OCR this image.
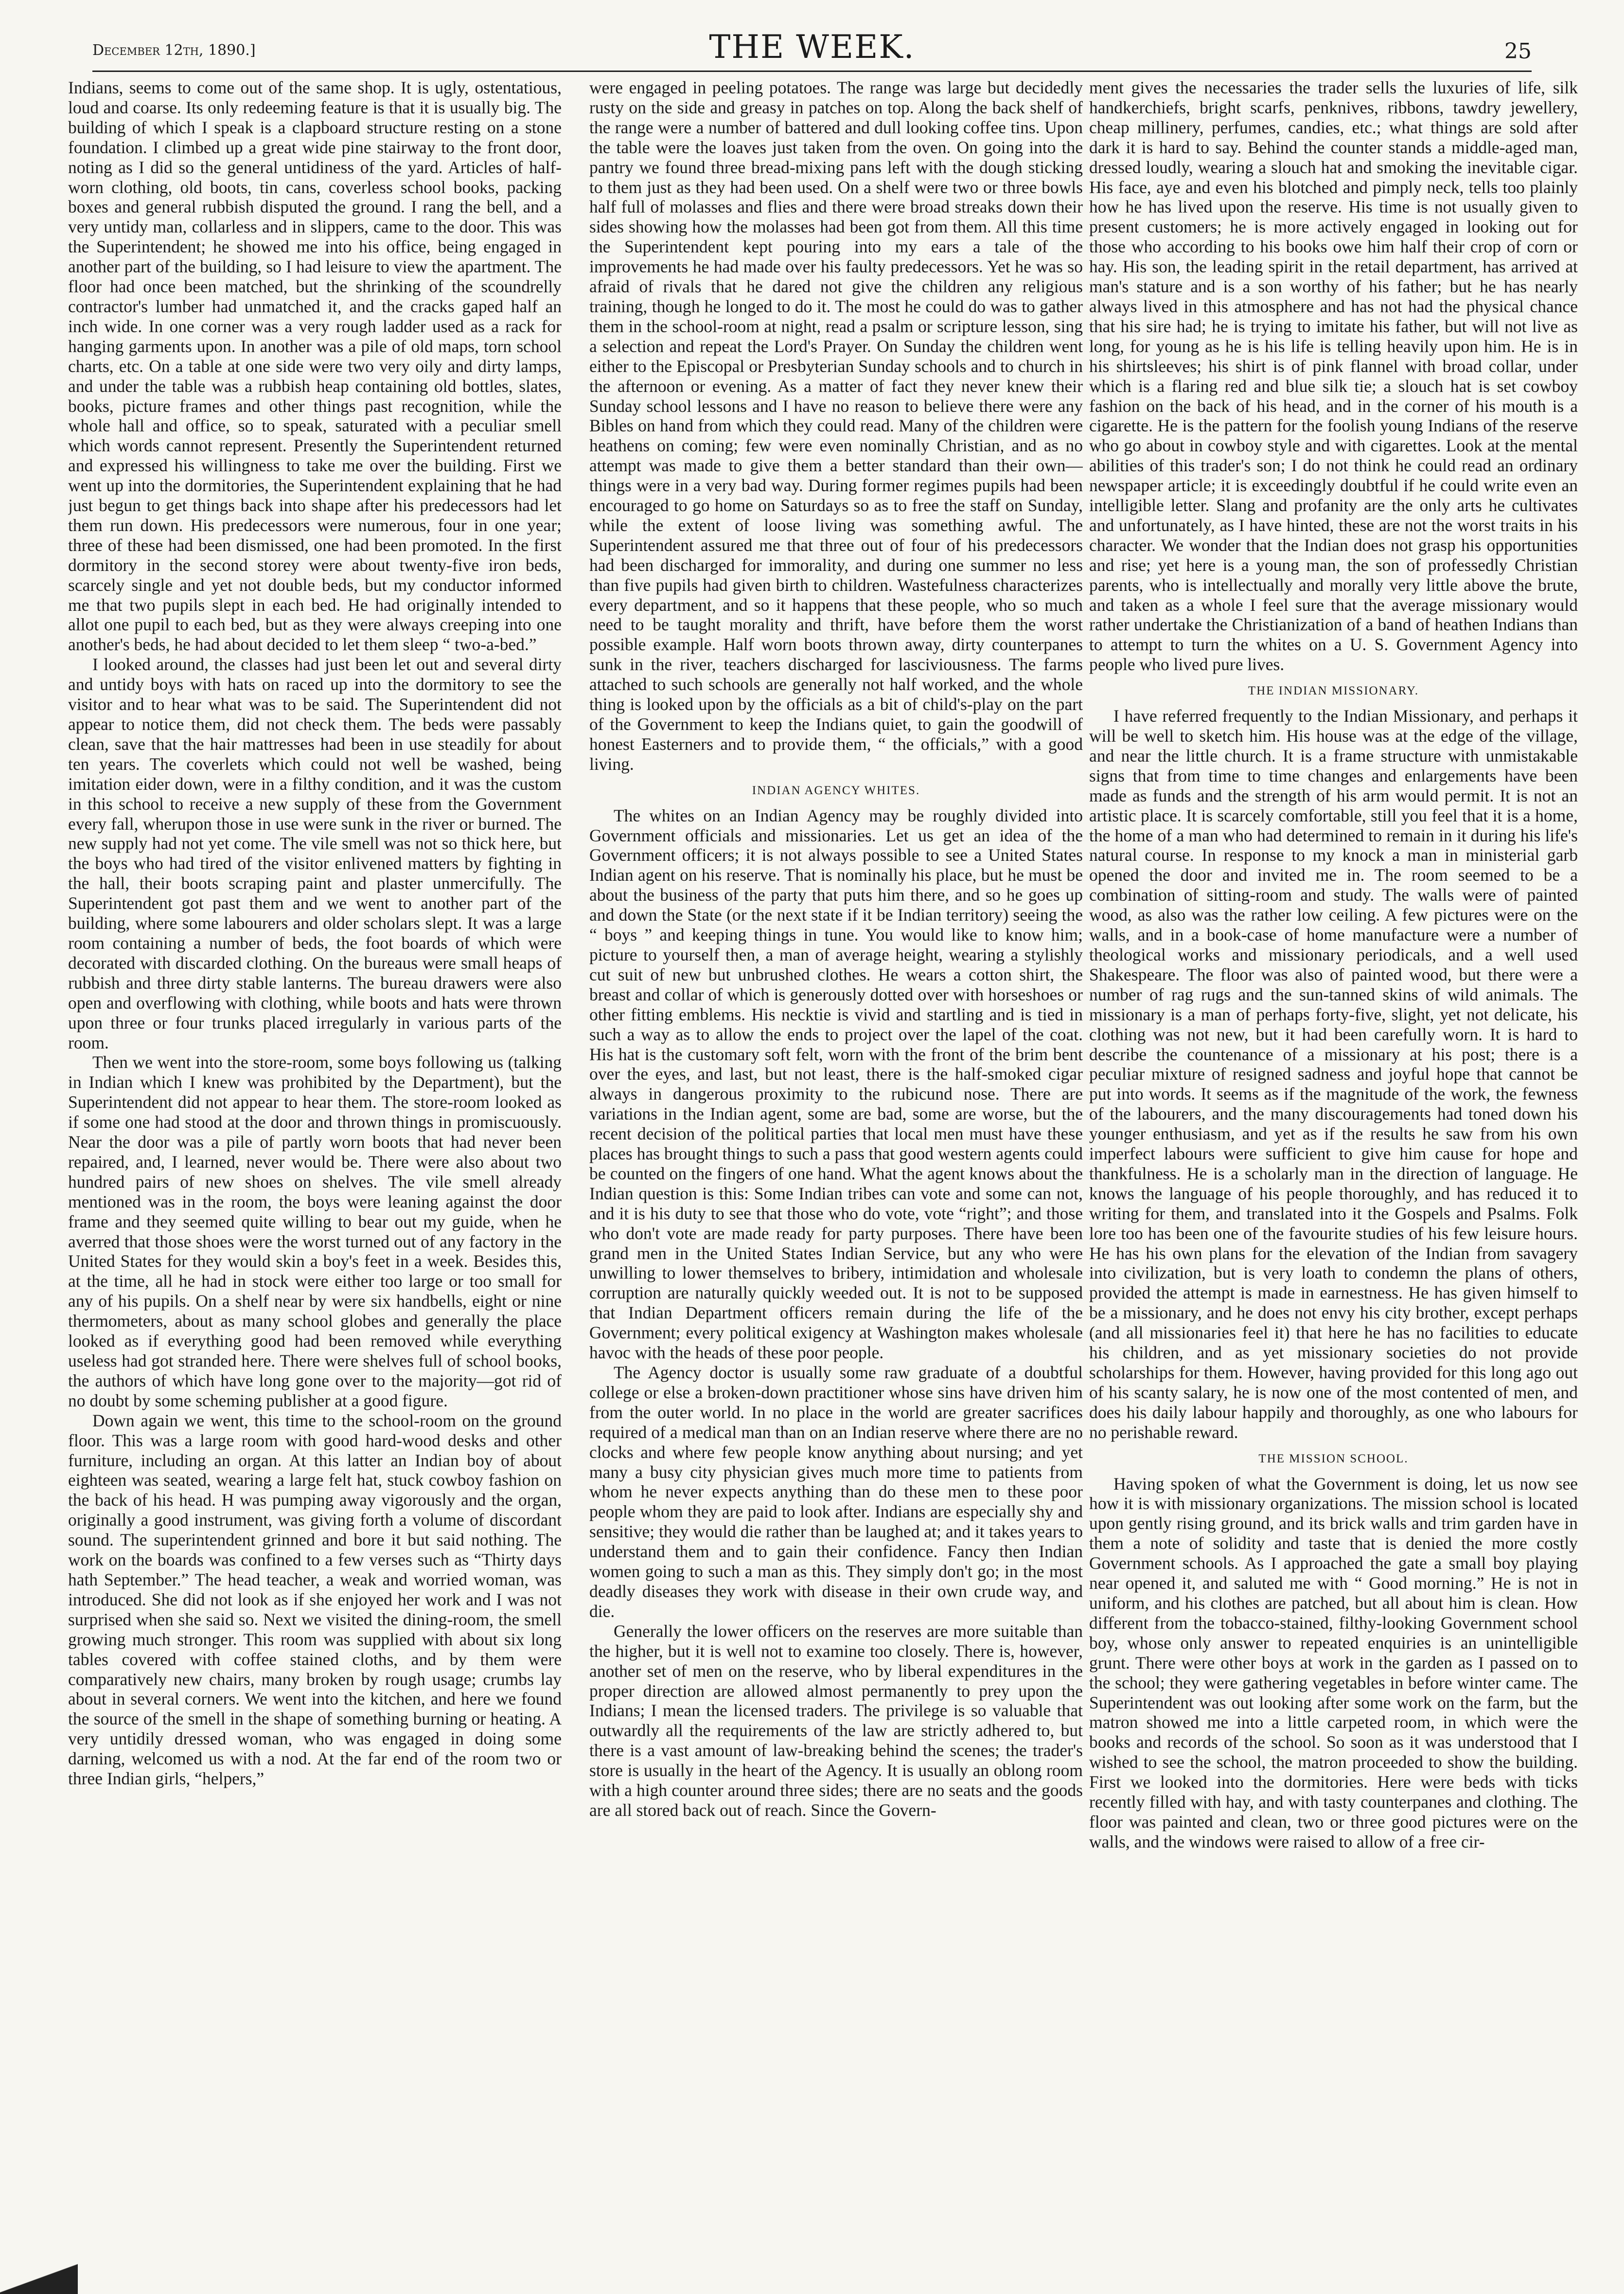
December 12th, 1890.]	THE WEEK.	25

Indians, seems to come out of the same shop. It is ugly, ostentatious, loud and coarse. Its only redeeming feature is that it is usually big. The building of which I speak is a clapboard structure resting on a stone foundation. I climbed up a great wide pine stairway to the front door, noting as I did so the general untidiness of the yard. Articles of half-worn clothing, old boots, tin cans, coverless school books, packing boxes and general rubbish disputed the ground. I rang the bell, and a very untidy man, collarless and in slippers, came to the door. This was the Superintendent; he showed me into his office, being engaged in another part of the building, so I had leisure to view the apartment. The floor had once been matched, but the shrinking of the scoundrelly contractor's lumber had unmatched it, and the cracks gaped half an inch wide. In one corner was a very rough ladder used as a rack for hanging garments upon. In another was a pile of old maps, torn school charts, etc. On a table at one side were two very oily and dirty lamps, and under the table was a rubbish heap containing old bottles, slates, books, picture frames and other things past recognition, while the whole hall and office, so to speak, saturated with a peculiar smell which words cannot represent. Presently the Superintendent returned and expressed his willingness to take me over the building. First we went up into the dormitories, the Superintendent explaining that he had just begun to get things back into shape after his predecessors had let them run down. His predecessors were numerous, four in one year; three of these had been dismissed, one had been promoted. In the first dormitory in the second storey were about twenty-five iron beds, scarcely single and yet not double beds, but my conductor informed me that two pupils slept in each bed. He had originally intended to allot one pupil to each bed, but as they were always creeping into one another's beds, he had about decided to let them sleep “ two-a-bed.”

I looked around, the classes had just been let out and several dirty and untidy boys with hats on raced up into the dormitory to see the visitor and to hear what was to be said. The Superintendent did not appear to notice them, did not check them. The beds were passably clean, save that the hair mattresses had been in use steadily for about ten years. The coverlets which could not well be washed, being imitation eider down, were in a filthy condition, and it was the custom in this school to receive a new supply of these from the Government every fall, wherupon those in use were sunk in the river or burned. The new supply had not yet come. The vile smell was not so thick here, but the boys who had tired of the visitor enlivened matters by fighting in the hall, their boots scraping paint and plaster unmercifully. The Superintendent got past them and we went to another part of the building, where some labourers and older scholars slept. It was a large room containing a number of beds, the foot boards of which were decorated with discarded clothing. On the bureaus were small heaps of rubbish and three dirty stable lanterns. The bureau drawers were also open and overflowing with clothing, while boots and hats were thrown upon three or four trunks placed irregularly in various parts of the room.

Then we went into the store-room, some boys following us (talking in Indian which I knew was prohibited by the Department), but the Superintendent did not appear to hear them. The store-room looked as if some one had stood at the door and thrown things in promiscuously. Near the door was a pile of partly worn boots that had never been repaired, and, I learned, never would be. There were also about two hundred pairs of new shoes on shelves. The vile smell already mentioned was in the room, the boys were leaning against the door frame and they seemed quite willing to bear out my guide, when he averred that those shoes were the worst turned out of any factory in the United States for they would skin a boy's feet in a week. Besides this, at the time, all he had in stock were either too large or too small for any of his pupils. On a shelf near by were six handbells, eight or nine thermometers, about as many school globes and generally the place looked as if everything good had been removed while everything useless had got stranded here. There were shelves full of school books, the authors of which have long gone over to the majority—got rid of no doubt by some scheming publisher at a good figure.

Down again we went, this time to the school-room on the ground floor. This was a large room with good hard-wood desks and other furniture, including an organ. At this latter an Indian boy of about eighteen was seated, wearing a large felt hat, stuck cowboy fashion on the back of his head. H was pumping away vigorously and the organ, originally a good instrument, was giving forth a volume of discordant sound. The superintendent grinned and bore it but said nothing. The work on the boards was confined to a few verses such as “Thirty days hath September.” The head teacher, a weak and worried woman, was introduced. She did not look as if she enjoyed her work and I was not surprised when she said so. Next we visited the dining-room, the smell growing much stronger. This room was supplied with about six long tables covered with coffee stained cloths, and by them were comparatively new chairs, many broken by rough usage; crumbs lay about in several corners. We went into the kitchen, and here we found the source of the smell in the shape of something burning or heating. A very untidily dressed woman, who was engaged in doing some darning, welcomed us with a nod. At the far end of the room two or three Indian girls, “helpers,”

were engaged in peeling potatoes. The range was large but decidedly rusty on the side and greasy in patches on top. Along the back shelf of the range were a number of battered and dull looking coffee tins. Upon the table were the loaves just taken from the oven. On going into the pantry we found three bread-mixing pans left with the dough sticking to them just as they had been used. On a shelf were two or three bowls half full of molasses and flies and there were broad streaks down their sides showing how the molasses had been got from them. All this time the Superintendent kept pouring into my ears a tale of the improvements he had made over his faulty predecessors. Yet he was so afraid of rivals that he dared not give the children any religious training, though he longed to do it. The most he could do was to gather them in the school-room at night, read a psalm or scripture lesson, sing a selection and repeat the Lord's Prayer. On Sunday the children went either to the Episcopal or Presbyterian Sunday schools and to church in the afternoon or evening. As a matter of fact they never knew their Sunday school lessons and I have no reason to believe there were any Bibles on hand from which they could read. Many of the children were heathens on coming; few were even nominally Christian, and as no attempt was made to give them a better standard than their own—things were in a very bad way. During former regimes pupils had been encouraged to go home on Saturdays so as to free the staff on Sunday, while the extent of loose living was something awful. The Superintendent assured me that three out of four of his predecessors had been discharged for immorality, and during one summer no less than five pupils had given birth to children. Wastefulness characterizes every department, and so it happens that these people, who so much need to be taught morality and thrift, have before them the worst possible example. Half worn boots thrown away, dirty counterpanes sunk in the river, teachers discharged for lasciviousness. The farms attached to such schools are generally not half worked, and the whole thing is looked upon by the officials as a bit of child's-play on the part of the Government to keep the Indians quiet, to gain the goodwill of honest Easterners and to provide them, “ the officials,” with a good living.

INDIAN AGENCY WHITES.

The whites on an Indian Agency may be roughly divided into Government officials and missionaries. Let us get an idea of the Government officers; it is not always possible to see a United States Indian agent on his reserve. That is nominally his place, but he must be about the business of the party that puts him there, and so he goes up and down the State (or the next state if it be Indian territory) seeing the “ boys ” and keeping things in tune. You would like to know him; picture to yourself then, a man of average height, wearing a stylishly cut suit of new but unbrushed clothes. He wears a cotton shirt, the breast and collar of which is generously dotted over with horseshoes or other fitting emblems. His necktie is vivid and startling and is tied in such a way as to allow the ends to project over the lapel of the coat. His hat is the customary soft felt, worn with the front of the brim bent over the eyes, and last, but not least, there is the half-smoked cigar always in dangerous proximity to the rubicund nose. There are variations in the Indian agent, some are bad, some are worse, but the recent decision of the political parties that local men must have these places has brought things to such a pass that good western agents could be counted on the fingers of one hand. What the agent knows about the Indian question is this: Some Indian tribes can vote and some can not, and it is his duty to see that those who do vote, vote “right”; and those who don't vote are made ready for party purposes. There have been grand men in the United States Indian Service, but any who were unwilling to lower themselves to bribery, intimidation and wholesale corruption are naturally quickly weeded out. It is not to be supposed that Indian Department officers remain during the life of the Government; every political exigency at Washington makes wholesale havoc with the heads of these poor people.

The Agency doctor is usually some raw graduate of a doubtful college or else a broken-down practitioner whose sins have driven him from the outer world. In no place in the world are greater sacrifices required of a medical man than on an Indian reserve where there are no clocks and where few people know anything about nursing; and yet many a busy city physician gives much more time to patients from whom he never expects anything than do these men to these poor people whom they are paid to look after. Indians are especially shy and sensitive; they would die rather than be laughed at; and it takes years to understand them and to gain their confidence. Fancy then Indian women going to such a man as this. They simply don't go; in the most deadly diseases they work with disease in their own crude way, and die.

Generally the lower officers on the reserves are more suitable than the higher, but it is well not to examine too closely. There is, however, another set of men on the reserve, who by liberal expenditures in the proper direction are allowed almost permanently to prey upon the Indians; I mean the licensed traders. The privilege is so valuable that outwardly all the requirements of the law are strictly adhered to, but there is a vast amount of law-breaking behind the scenes; the trader's store is usually in the heart of the Agency. It is usually an oblong room with a high counter around three sides; there are no seats and the goods are all stored back out of reach. Since the Govern-

ment gives the necessaries the trader sells the luxuries of life, silk handkerchiefs, bright scarfs, penknives, ribbons, tawdry jewellery, cheap millinery, perfumes, candies, etc.; what things are sold after dark it is hard to say. Behind the counter stands a middle-aged man, dressed loudly, wearing a slouch hat and smoking the inevitable cigar. His face, aye and even his blotched and pimply neck, tells too plainly how he has lived upon the reserve. His time is not usually given to present customers; he is more actively engaged in looking out for those who according to his books owe him half their crop of corn or hay. His son, the leading spirit in the retail department, has arrived at man's stature and is a son worthy of his father; but he has nearly always lived in this atmosphere and has not had the physical chance that his sire had; he is trying to imitate his father, but will not live as long, for young as he is his life is telling heavily upon him. He is in his shirtsleeves; his shirt is of pink flannel with broad collar, under which is a flaring red and blue silk tie; a slouch hat is set cowboy fashion on the back of his head, and in the corner of his mouth is a cigarette. He is the pattern for the foolish young Indians of the reserve who go about in cowboy style and with cigarettes. Look at the mental abilities of this trader's son; I do not think he could read an ordinary newspaper article; it is exceedingly doubtful if he could write even an intelligible letter. Slang and profanity are the only arts he cultivates and unfortunately, as I have hinted, these are not the worst traits in his character. We wonder that the Indian does not grasp his opportunities and rise; yet here is a young man, the son of professedly Christian parents, who is intellectually and morally very little above the brute, and taken as a whole I feel sure that the average missionary would rather undertake the Christianization of a band of heathen Indians than to attempt to turn the whites on a U. S. Government Agency into people who lived pure lives.

THE INDIAN MISSIONARY.

I have referred frequently to the Indian Missionary, and perhaps it will be well to sketch him. His house was at the edge of the village, and near the little church. It is a frame structure with unmistakable signs that from time to time changes and enlargements have been made as funds and the strength of his arm would permit. It is not an artistic place. It is scarcely comfortable, still you feel that it is a home, the home of a man who had determined to remain in it during his life's natural course. In response to my knock a man in ministerial garb opened the door and invited me in. The room seemed to be a combination of sitting-room and study. The walls were of painted wood, as also was the rather low ceiling. A few pictures were on the walls, and in a book-case of home manufacture were a number of theological works and missionary periodicals, and a well used Shakespeare. The floor was also of painted wood, but there were a number of rag rugs and the sun-tanned skins of wild animals. The missionary is a man of perhaps forty-five, slight, yet not delicate, his clothing was not new, but it had been carefully worn. It is hard to describe the countenance of a missionary at his post; there is a peculiar mixture of resigned sadness and joyful hope that cannot be put into words. It seems as if the magnitude of the work, the fewness of the labourers, and the many discouragements had toned down his younger enthusiasm, and yet as if the results he saw from his own imperfect labours were sufficient to give him cause for hope and thankfulness. He is a scholarly man in the direction of language. He knows the language of his people thoroughly, and has reduced it to writing for them, and translated into it the Gospels and Psalms. Folk lore too has been one of the favourite studies of his few leisure hours. He has his own plans for the elevation of the Indian from savagery into civilization, but is very loath to condemn the plans of others, provided the attempt is made in earnestness. He has given himself to be a missionary, and he does not envy his city brother, except perhaps (and all missionaries feel it) that here he has no facilities to educate his children, and as yet missionary societies do not provide scholarships for them. However, having provided for this long ago out of his scanty salary, he is now one of the most contented of men, and does his daily labour happily and thoroughly, as one who labours for no perishable reward.

THE MISSION SCHOOL.

Having spoken of what the Government is doing, let us now see how it is with missionary organizations. The mission school is located upon gently rising ground, and its brick walls and trim garden have in them a note of solidity and taste that is denied the more costly Government schools. As I approached the gate a small boy playing near opened it, and saluted me with “ Good morning.” He is not in uniform, and his clothes are patched, but all about him is clean. How different from the tobacco-stained, filthy-looking Government school boy, whose only answer to repeated enquiries is an unintelligible grunt. There were other boys at work in the garden as I passed on to the school; they were gathering vegetables in before winter came. The Superintendent was out looking after some work on the farm, but the matron showed me into a little carpeted room, in which were the books and records of the school. So soon as it was understood that I wished to see the school, the matron proceeded to show the building. First we looked into the dormitories. Here were beds with ticks recently filled with hay, and with tasty counterpanes and clothing. The floor was painted and clean, two or three good pictures were on the walls, and the windows were raised to allow of a free cir-
